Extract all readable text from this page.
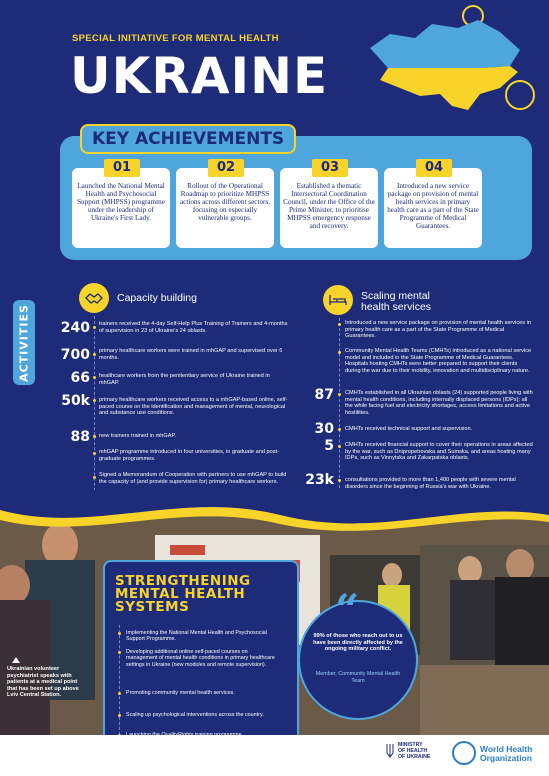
SPECIAL INITIATIVE FOR MENTAL HEALTH
UKRAINE
KEY ACHIEVEMENTS
01	02	03	04
Launched the National Mental Health and Psychosocial Support (MHPSS) programme under the leadership of Ukraine's First Lady.
Rollout of the Operational Roadmap to prioritize MHPSS actions across different sectors, focusing on especially vulnerable groups.
Established a thematic Intersectoral Coordination Council, under the Office of the Prime Minister, to prioritise MHPSS emergency response and recovery.
Introduced a new service package on provision of mental health services in primary health care as a part of the State Programme of Medical Guarantees.
ACTIVITIES
Capacity building
240 trainers received the 4-day Self-Help Plus Training of Trainers and 4-months of supervision in 23 of Ukraine's 24 oblasts.
700 primary healthcare workers were trained in mhGAP and supervised over 6 months.
66 healthcare workers from the penitentiary service of Ukraine trained in mhGAP.
50k primary healthcare workers received access to a mhGAP-based online, self-paced course on the identification and management of mental, neurological and substance use conditions.
88 new trainers trained in mhGAP.
mhGAP programme introduced in four universities, in graduate and post-graduate programmes.
Signed a Memorandum of Cooperation with partners to use mhGAP to build the capacity of (and provide supervision for) primary healthcare workers.
Scaling mental
health services
Introduced a new service package on provision of mental health services in primary health care as a part of the State Programme of Medical Guarantees.
Community Mental Health Teams (CMHTs) introduced as a national service model and included in the State Programme of Medical Guarantees. Hospitals hosting CMHTs were better prepared to support their clients during the war due to their mobility, innovation and multidisciplinary nature.
87 CMHTs established in all Ukrainian oblasts (24) supported people living with mental health conditions, including internally displaced persons (IDPs); all the while facing fuel and electricity shortages, access limitations and active hostilities.
30 CMHTs received technical support and supervision.
5 CMHTs received financial support to cover their operations in areas affected by the war, such as Dnipropetrovska and Sumska, and areas hosting many IDPs, such as Vinnytska and Zakarpatska oblasts.
23k consultations provided to more than 1,400 people with severe mental disorders since the beginning of Russia's war with Ukraine.
STRENGTHENING
MENTAL HEALTH
SYSTEMS
Implementing the National Mental Health and Psychosocial Support Programme.
Developing additional online self-paced courses on management of mental health conditions in primary healthcare settings in Ukraine (new modules and remote supervision).
Promoting community mental health services.
Scaling up psychological interventions across the country.
“
99% of those who reach out to us have been directly affected by the ongoing military conflict.
Member, Community Mental Health Team
Ukrainian volunteer psychiatrist speaks with patients at a medical point that has been set up above Lviv Central Station.
MINISTRY
OF HEALTH
OF UKRAINE
World Health
Organization
